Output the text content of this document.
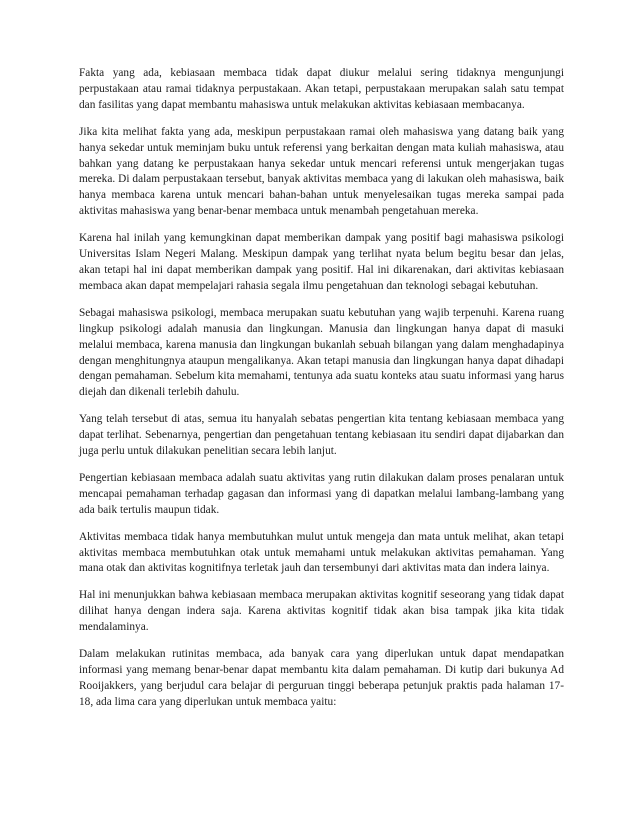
Fakta yang ada, kebiasaan membaca tidak dapat diukur melalui sering tidaknya mengunjungi perpustakaan atau ramai tidaknya perpustakaan. Akan tetapi, perpustakaan merupakan salah satu tempat dan fasilitas yang dapat membantu mahasiswa untuk melakukan aktivitas kebiasaan membacanya.

Jika kita melihat fakta yang ada, meskipun perpustakaan ramai oleh mahasiswa yang datang baik yang hanya sekedar untuk meminjam buku untuk referensi yang berkaitan dengan mata kuliah mahasiswa, atau bahkan yang datang ke perpustakaan hanya sekedar untuk mencari referensi untuk mengerjakan tugas mereka. Di dalam perpustakaan tersebut, banyak aktivitas membaca yang di lakukan oleh mahasiswa, baik hanya membaca karena untuk mencari bahan-bahan untuk menyelesaikan tugas mereka sampai pada aktivitas mahasiswa yang benar-benar membaca untuk menambah pengetahuan mereka.

Karena hal inilah yang kemungkinan dapat memberikan dampak yang positif bagi mahasiswa psikologi Universitas Islam Negeri Malang. Meskipun dampak yang terlihat nyata belum begitu besar dan jelas, akan tetapi hal ini dapat memberikan dampak yang positif. Hal ini dikarenakan, dari aktivitas kebiasaan membaca akan dapat mempelajari rahasia segala ilmu pengetahuan dan teknologi sebagai kebutuhan.

Sebagai mahasiswa psikologi, membaca merupakan suatu kebutuhan yang wajib terpenuhi. Karena ruang lingkup psikologi adalah manusia dan lingkungan. Manusia dan lingkungan hanya dapat di masuki melalui membaca, karena manusia dan lingkungan bukanlah sebuah bilangan yang dalam menghadapinya dengan menghitungnya ataupun mengalikanya. Akan tetapi manusia dan lingkungan hanya dapat dihadapi dengan pemahaman. Sebelum kita memahami, tentunya ada suatu konteks atau suatu informasi yang harus diejah dan dikenali terlebih dahulu.

Yang telah tersebut di atas, semua itu hanyalah sebatas pengertian kita tentang kebiasaan membaca yang dapat terlihat. Sebenarnya, pengertian dan pengetahuan tentang kebiasaan itu sendiri dapat dijabarkan dan juga perlu untuk dilakukan penelitian secara lebih lanjut.

Pengertian kebiasaan membaca adalah suatu aktivitas yang rutin dilakukan dalam proses penalaran untuk mencapai pemahaman terhadap gagasan dan informasi yang di dapatkan melalui lambang-lambang yang ada baik tertulis maupun tidak.

Aktivitas membaca tidak hanya membutuhkan mulut untuk mengeja dan mata untuk melihat, akan tetapi aktivitas membaca membutuhkan otak untuk memahami untuk melakukan aktivitas pemahaman. Yang mana otak dan aktivitas kognitifnya terletak jauh dan tersembunyi dari aktivitas mata dan indera lainya.

Hal ini menunjukkan bahwa kebiasaan membaca merupakan aktivitas kognitif seseorang yang tidak dapat dilihat hanya dengan indera saja. Karena aktivitas kognitif tidak akan bisa tampak jika kita tidak mendalaminya.

Dalam melakukan rutinitas membaca, ada banyak cara yang diperlukan untuk dapat mendapatkan informasi yang memang benar-benar dapat membantu kita dalam pemahaman. Di kutip dari bukunya Ad Rooijakkers, yang berjudul cara belajar di perguruan tinggi beberapa petunjuk praktis pada halaman 17-18, ada lima cara yang diperlukan untuk membaca yaitu:
